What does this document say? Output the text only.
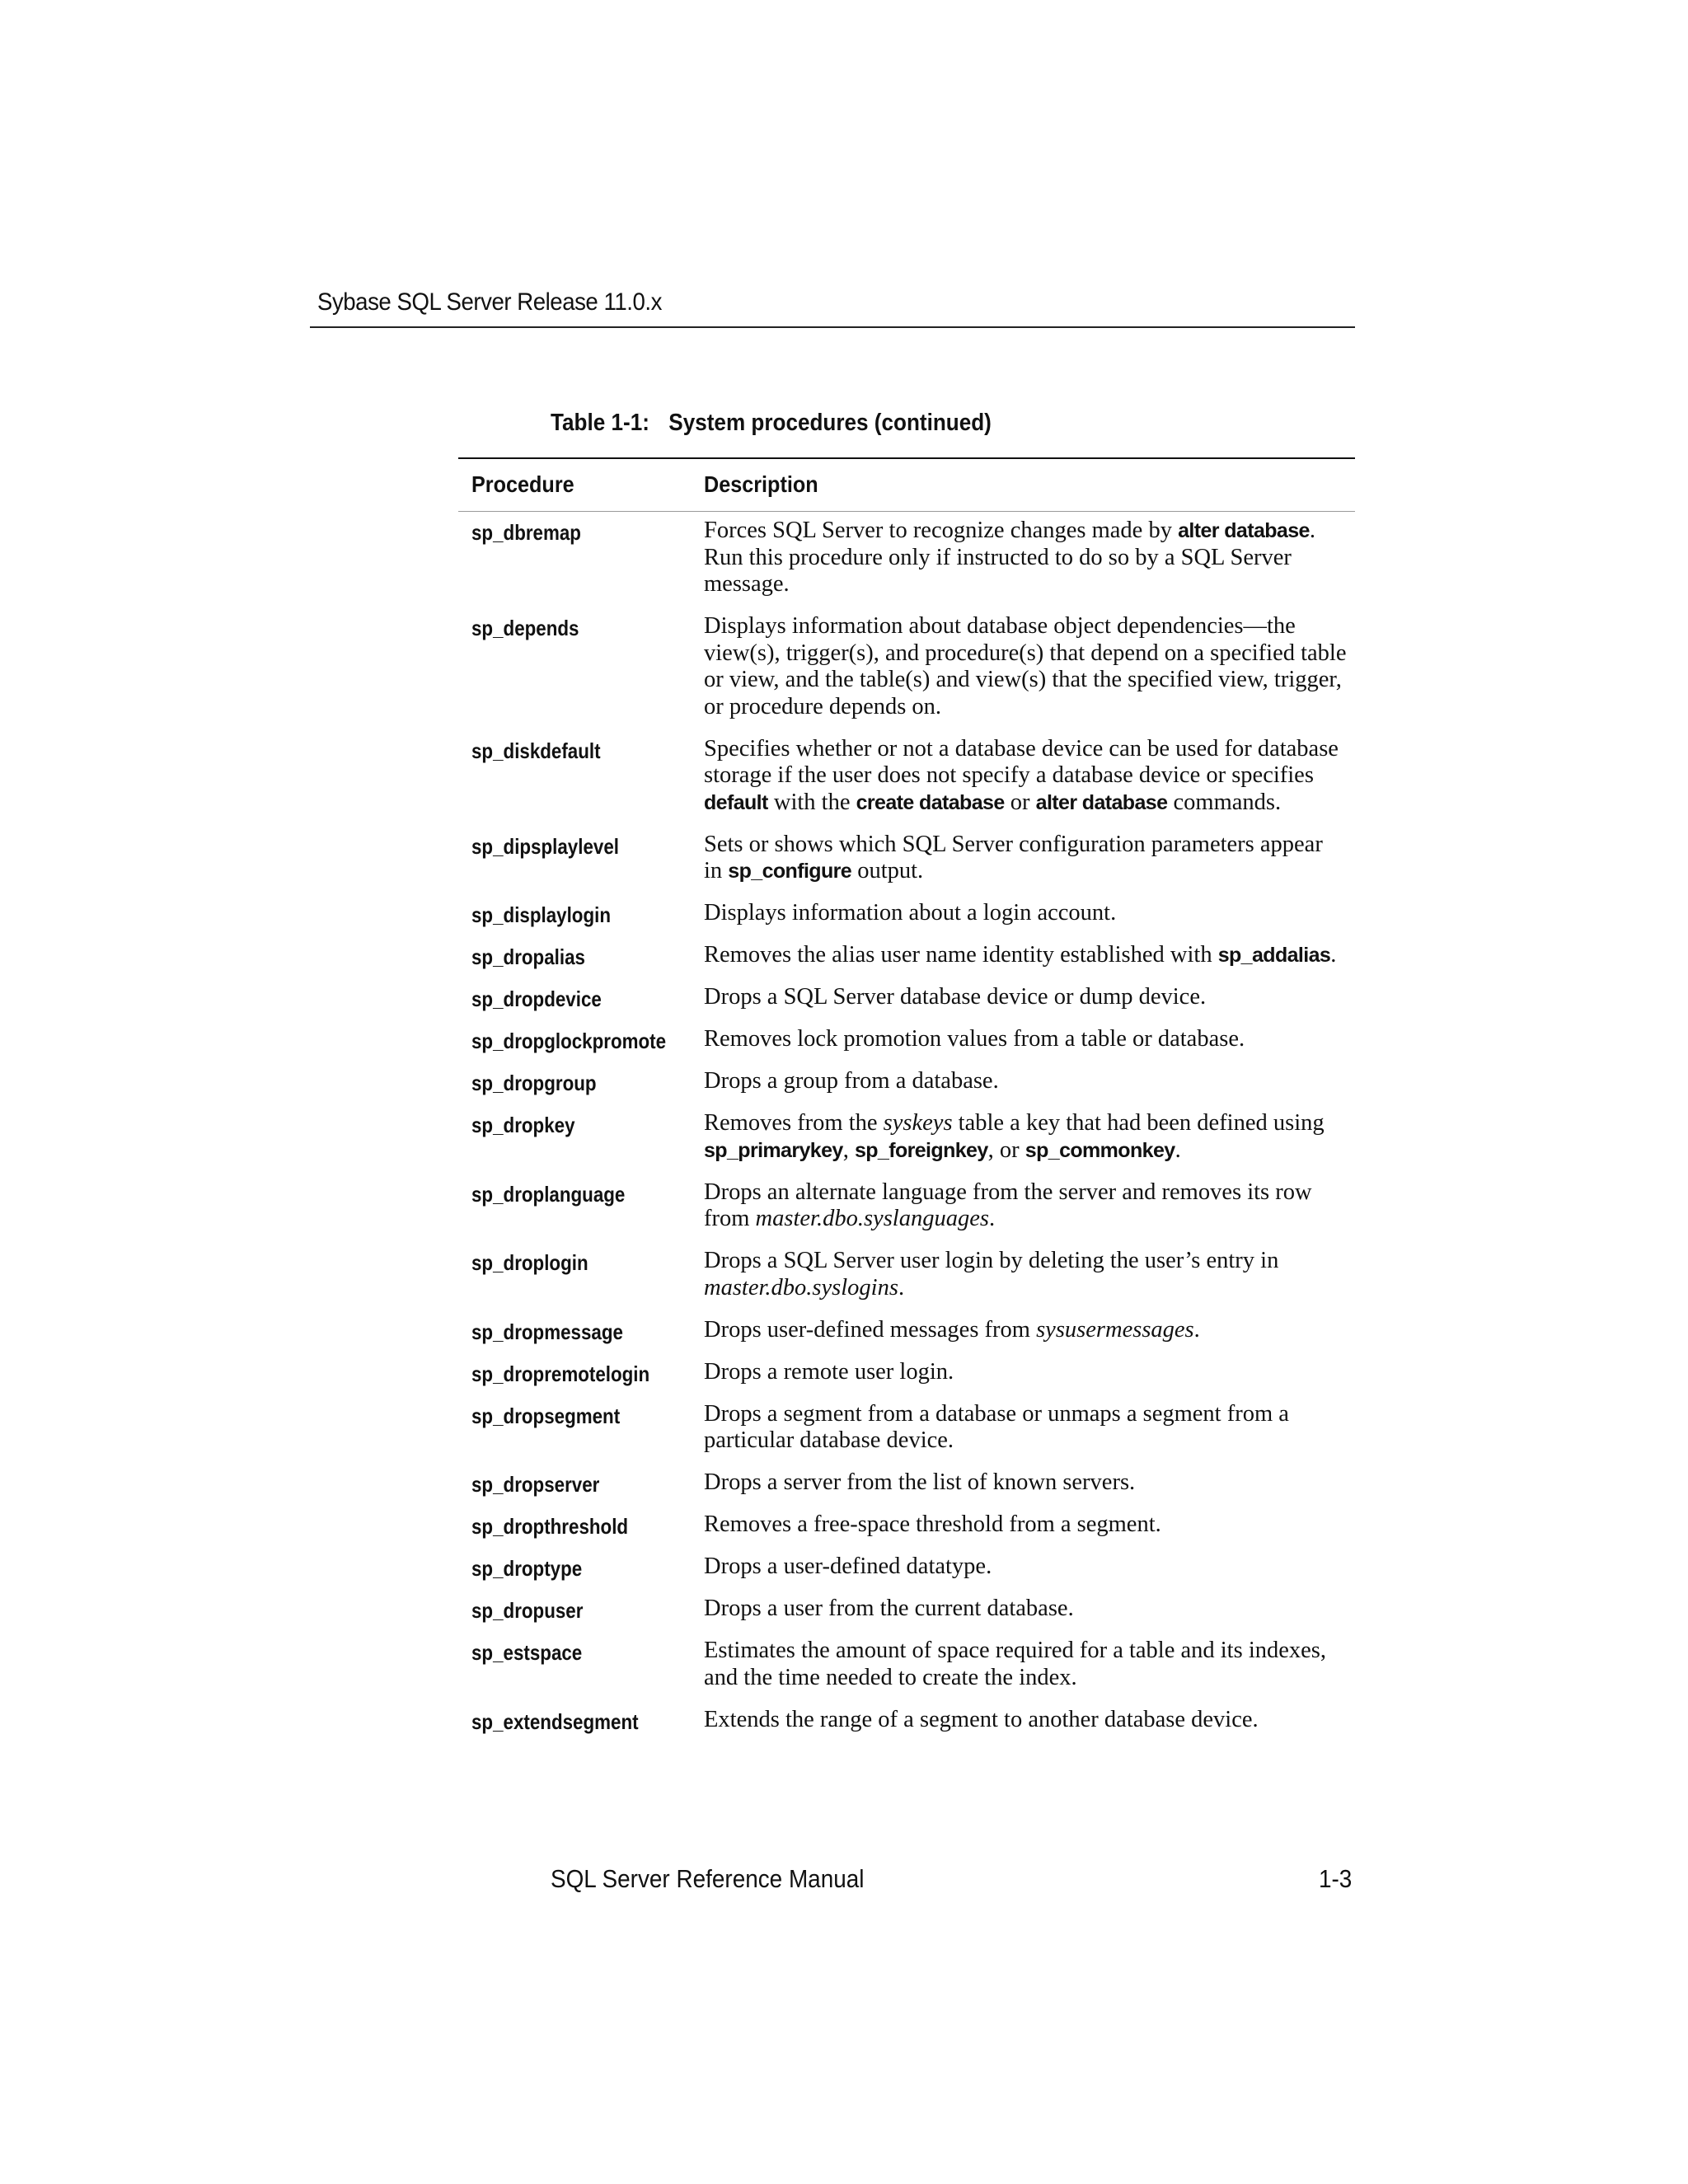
Sybase SQL Server Release 11.0.x
Table 1-1: System procedures (continued)
Procedure	Description
sp_dbremap	Forces SQL Server to recognize changes made by alter database. Run this procedure only if instructed to do so by a SQL Server message.
sp_depends	Displays information about database object dependencies—the view(s), trigger(s), and procedure(s) that depend on a specified table or view, and the table(s) and view(s) that the specified view, trigger, or procedure depends on.
sp_diskdefault	Specifies whether or not a database device can be used for database storage if the user does not specify a database device or specifies default with the create database or alter database commands.
sp_dipsplaylevel	Sets or shows which SQL Server configuration parameters appear in sp_configure output.
sp_displaylogin	Displays information about a login account.
sp_dropalias	Removes the alias user name identity established with sp_addalias.
sp_dropdevice	Drops a SQL Server database device or dump device.
sp_dropglockpromote Removes lock promotion values from a table or database.
sp_dropgroup	Drops a group from a database.
sp_dropkey	Removes from the syskeys table a key that had been defined using sp_primarykey, sp_foreignkey, or sp_commonkey.
sp_droplanguage	Drops an alternate language from the server and removes its row from master.dbo.syslanguages.
sp_droplogin	Drops a SQL Server user login by deleting the user’s entry in master.dbo.syslogins.
sp_dropmessage	Drops user-defined messages from sysusermessages.
sp_dropremotelogin Drops a remote user login.
sp_dropsegment	Drops a segment from a database or unmaps a segment from a particular database device.
sp_dropserver	Drops a server from the list of known servers.
sp_dropthreshold	Removes a free-space threshold from a segment.
sp_droptype	Drops a user-defined datatype.
sp_dropuser	Drops a user from the current database.
sp_estspace	Estimates the amount of space required for a table and its indexes, and the time needed to create the index.
sp_extendsegment	Extends the range of a segment to another database device.
SQL Server Reference Manual	1-3
